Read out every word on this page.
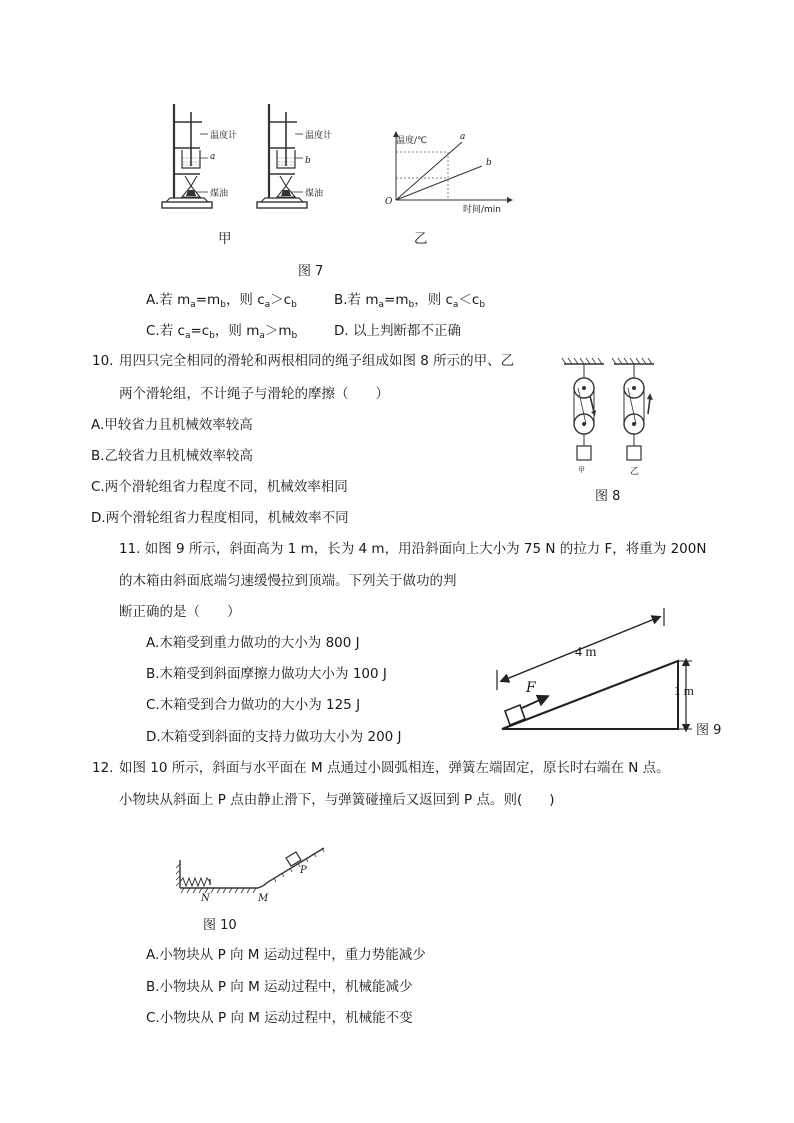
温度计
a
煤油
温度计
b
煤油
温度/℃
时间/min
O
a
b
甲	乙
图 7
A.若 $m_a=m_b$，则 $c_a>c_b$	B.若 $m_a=m_b$，则 $c_a<c_b$
C.若 $c_a=c_b$，则 $m_a>m_b$	D. 以上判断都不正确
10. 用四只完全相同的滑轮和两根相同的绳子组成如图 8 所示的甲、乙
两个滑轮组，不计绳子与滑轮的摩擦（　　）
A.甲较省力且机械效率较高
B.乙较省力且机械效率较高
C.两个滑轮组省力程度不同，机械效率相同
D.两个滑轮组省力程度相同，机械效率不同
甲	乙
图 8
11. 如图 9 所示，斜面高为 1 m，长为 4 m，用沿斜面向上大小为 75 N 的拉力 F，将重为 200N
的木箱由斜面底端匀速缓慢拉到顶端。下列关于做功的判
断正确的是（　　）
A.木箱受到重力做功的大小为 800 J
B.木箱受到斜面摩擦力做功大小为 100 J
C.木箱受到合力做功的大小为 125 J
D.木箱受到斜面的支持力做功大小为 200 J
4 m
1 m
F
图 9
12. 如图 10 所示，斜面与水平面在 M 点通过小圆弧相连，弹簧左端固定，原长时右端在 N 点。
小物块从斜面上 P 点由静止滑下，与弹簧碰撞后又返回到 P 点。则(　　)
N	M
P
图 10
A.小物块从 P 向 M 运动过程中，重力势能减少
B.小物块从 P 向 M 运动过程中，机械能减少
C.小物块从 P 向 M 运动过程中，机械能不变
